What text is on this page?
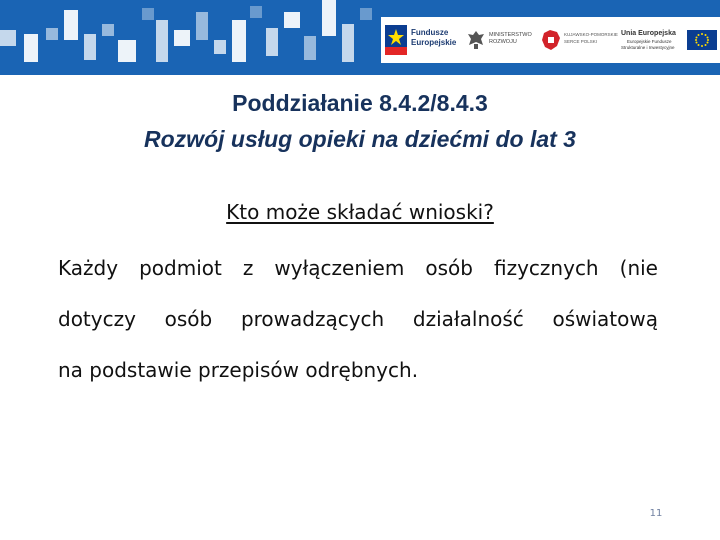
Fundusze
Europejskie
MINISTERSTWO
ROZWOJU
KUJAWSKO-POMORSKIE
SERCE POLSKI
Unia Europejska
Europejskie Fundusze
Strukturalne i Inwestycyjne
Poddziałanie 8.4.2/8.4.3
Rozwój usług opieki na dziećmi do lat 3
Kto może składać wnioski?
Każdy podmiot z wyłączeniem osób fizycznych (nie
dotyczy osób prowadzących działalność oświatową
na podstawie przepisów odrębnych.
11
